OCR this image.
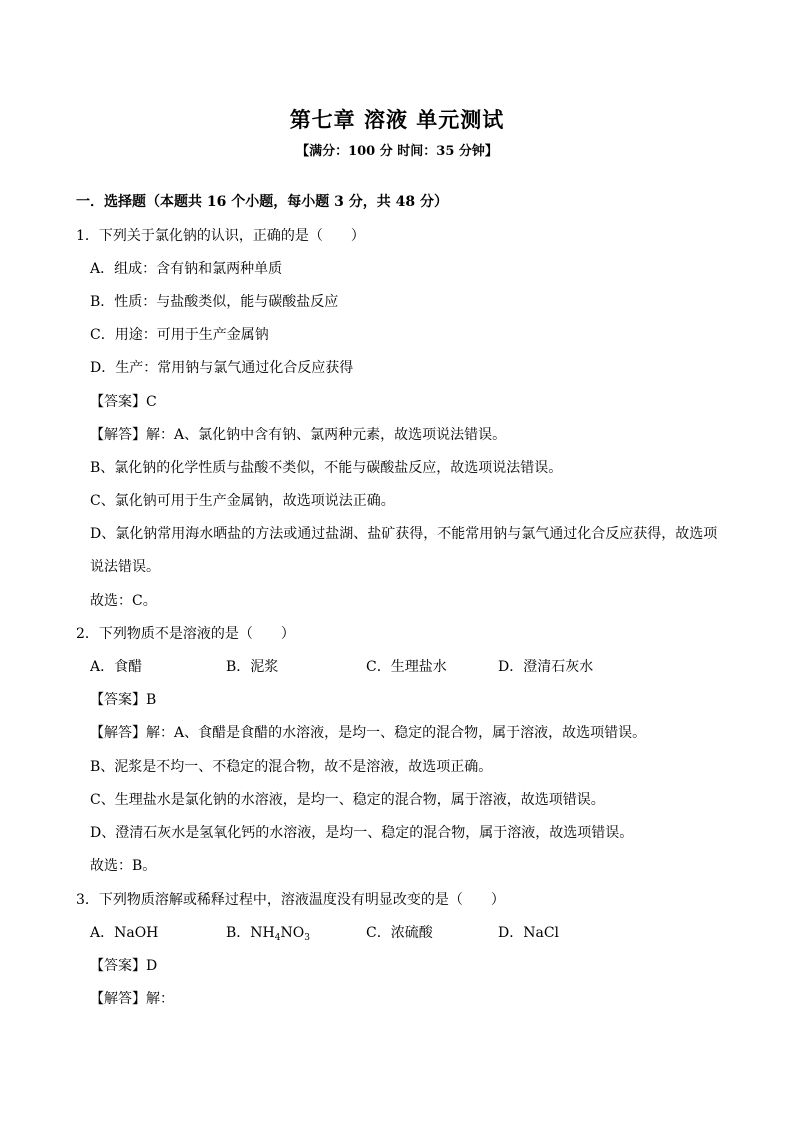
第七章 溶液 单元测试
【满分：100 分 时间：35 分钟】
一．选择题（本题共 16 个小题，每小题 3 分，共 48 分）
1．下列关于氯化钠的认识，正确的是（　　）
A．组成：含有钠和氯两种单质
B．性质：与盐酸类似，能与碳酸盐反应
C．用途：可用于生产金属钠
D．生产：常用钠与氯气通过化合反应获得
【答案】C
【解答】解：A、氯化钠中含有钠、氯两种元素，故选项说法错误。
B、氯化钠的化学性质与盐酸不类似，不能与碳酸盐反应，故选项说法错误。
C、氯化钠可用于生产金属钠，故选项说法正确。
D、氯化钠常用海水晒盐的方法或通过盐湖、盐矿获得，不能常用钠与氯气通过化合反应获得，故选项
说法错误。
故选：C。
2．下列物质不是溶液的是（　　）
A．食醋	B．泥浆	C．生理盐水	D．澄清石灰水
【答案】B
【解答】解：A、食醋是食醋的水溶液，是均一、稳定的混合物，属于溶液，故选项错误。
B、泥浆是不均一、不稳定的混合物，故不是溶液，故选项正确。
C、生理盐水是氯化钠的水溶液，是均一、稳定的混合物，属于溶液，故选项错误。
D、澄清石灰水是氢氧化钙的水溶液，是均一、稳定的混合物，属于溶液，故选项错误。
故选：B。
3．下列物质溶解或稀释过程中，溶液温度没有明显改变的是（　　）
A．NaOH	B．$NH_4NO_3$	C．浓硫酸	D．NaCl
【答案】D
【解答】解：
